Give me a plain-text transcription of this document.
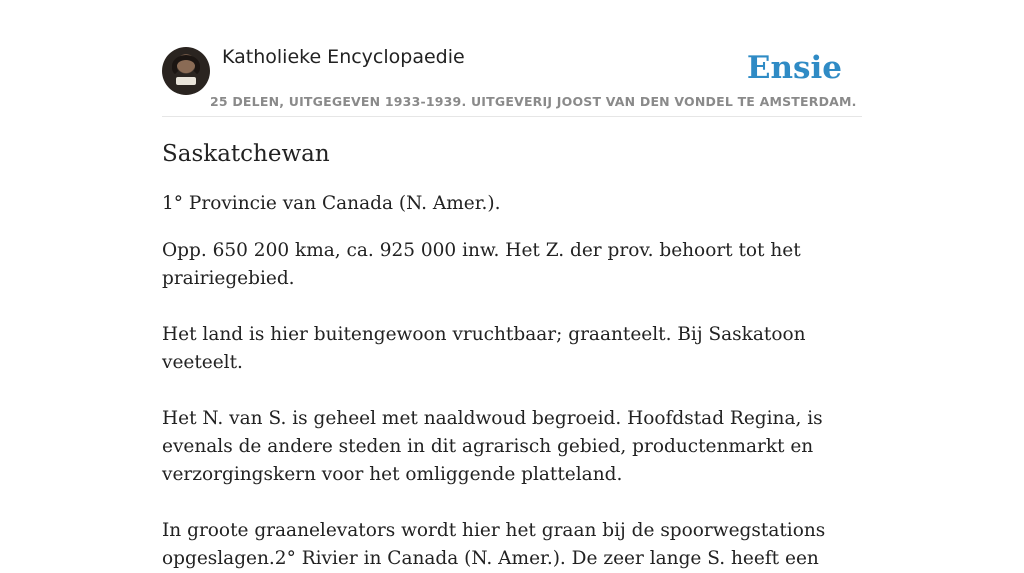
Katholieke Encyclopaedie
25 DELEN, UITGEGEVEN 1933-1939. UITGEVERIJ JOOST VAN DEN VONDEL TE AMSTERDAM.
Ensie
Saskatchewan

1° Provincie van Canada (N. Amer.).

Opp. 650 200 kma, ca. 925 000 inw. Het Z. der prov. behoort tot het prairiegebied.

Het land is hier buitengewoon vruchtbaar; graanteelt. Bij Saskatoon veeteelt.

Het N. van S. is geheel met naaldwoud begroeid. Hoofdstad Regina, is evenals de andere steden in dit agrarisch gebied, productenmarkt en verzorgingskern voor het omliggende platteland.

In groote graanelevators wordt hier het graan bij de spoorwegstations opgeslagen.2° Rivier in Canada (N. Amer.). De zeer lange S. heeft een
